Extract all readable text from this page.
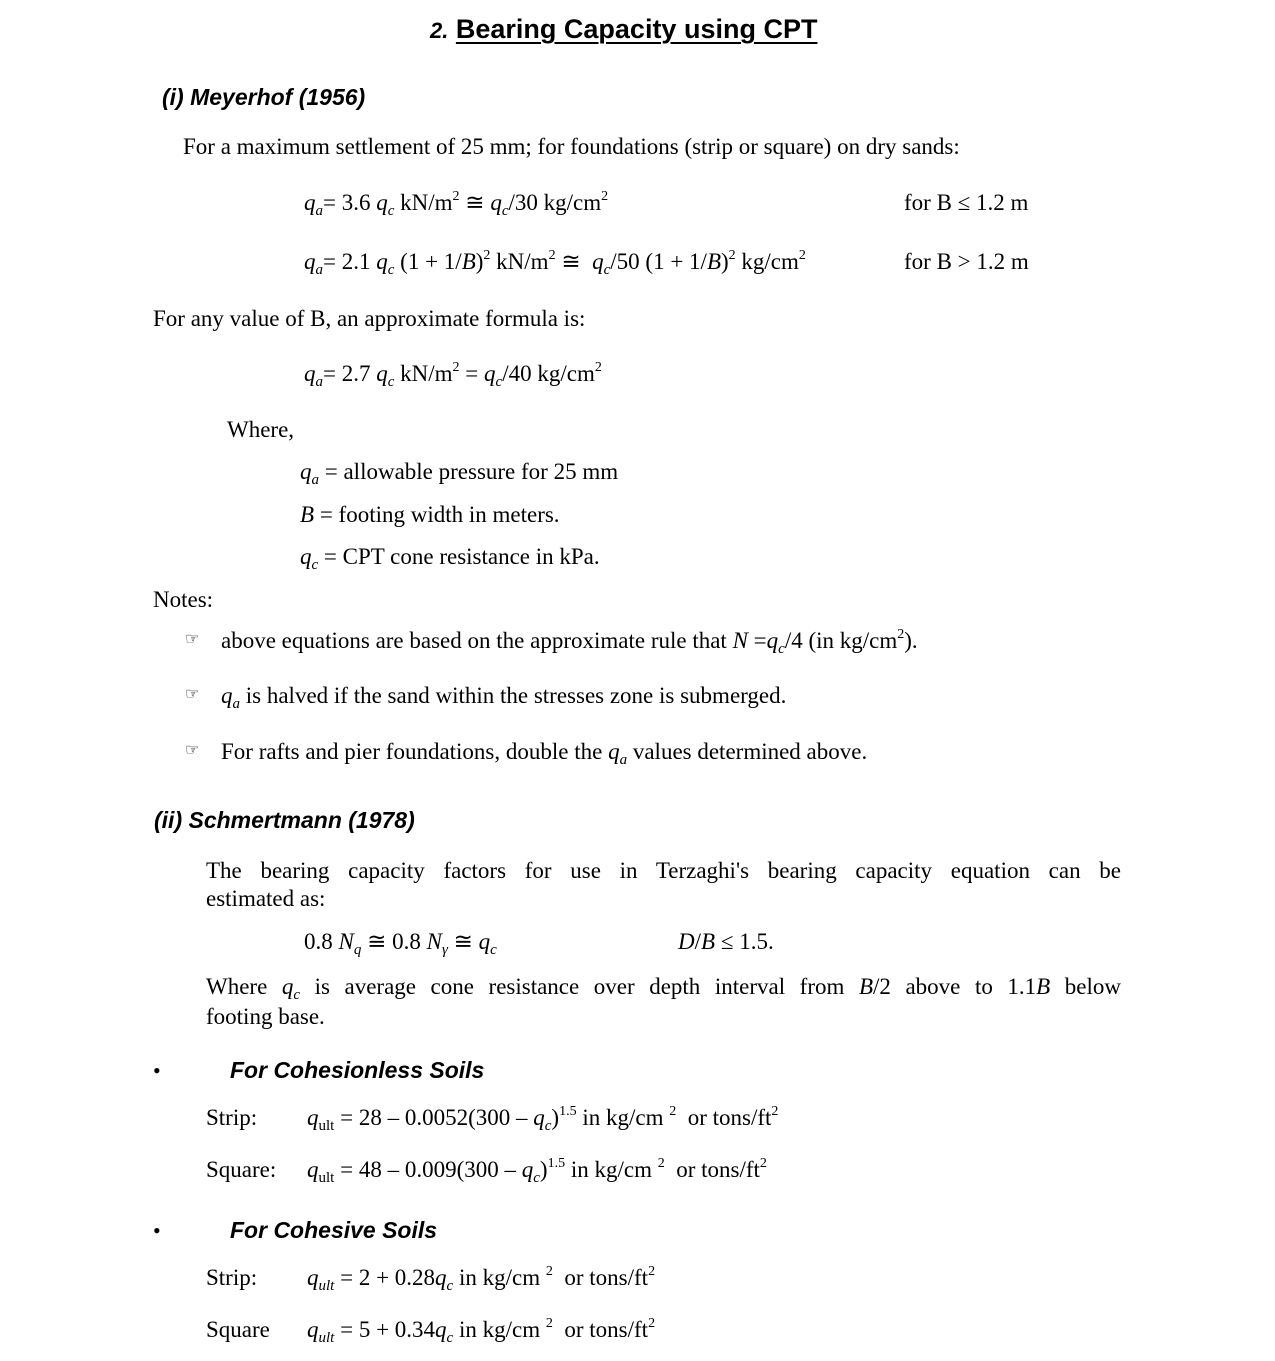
2. Bearing Capacity using CPT
(i) Meyerhof (1956)
For a maximum settlement of 25 mm; for foundations (strip or square) on dry sands:
$q_a= 3.6$ $q_c$ $kN/m^2$ ≅ $q_c/30$ $kg/cm^2$	for B ≤ 1.2 m
$q_a= 2.1$ $q_c$ $(1 + 1/B)^2$ $kN/m^2$ ≅  $q_c/50$ $(1 + 1/B)^2$ $kg/cm^2$	for B > 1.2 m
For any value of B, an approximate formula is:
$q_a= 2.7$ $q_c$ $kN/m^2 = q_c/40$ $kg/cm^2$
Where,
$q_a$ = allowable pressure for 25 mm
B = footing width in meters.
$q_c$ = CPT cone resistance in kPa.
Notes:
☞ above equations are based on the approximate rule that $N =q_c/4$ (in $kg/cm^2$).
☞ $q_a$ is halved if the sand within the stresses zone is submerged.
☞ For rafts and pier foundations, double the $q_a$ values determined above.
(ii) Schmertmann (1978)
The bearing capacity factors for use in Terzaghi's bearing capacity equation can be
estimated as:
0.8 $N_q$ ≅ 0.8 $N_\gamma$ ≅ $q_c$	D/B ≤ 1.5.
Where $q_c$ is average cone resistance over depth interval from B/2 above to 1.1B below
footing base.
•	For Cohesionless Soils
Strip: $q_{ult} = 28 - 0.0052(300 - q_c)^{1.5}$ in kg/cm $^2$  or tons/$ft^2$
Square: $q_{ult} = 48 - 0.009(300 - q_c)^{1.5}$ in kg/cm $^2$  or tons/$ft^2$
•	For Cohesive Soils
Strip: $q_{ult} = 2 + 0.28q_c$ in kg/cm $^2$  or tons/$ft^2$
Square $q_{ult} = 5 + 0.34q_c$ in kg/cm $^2$  or tons/$ft^2$
